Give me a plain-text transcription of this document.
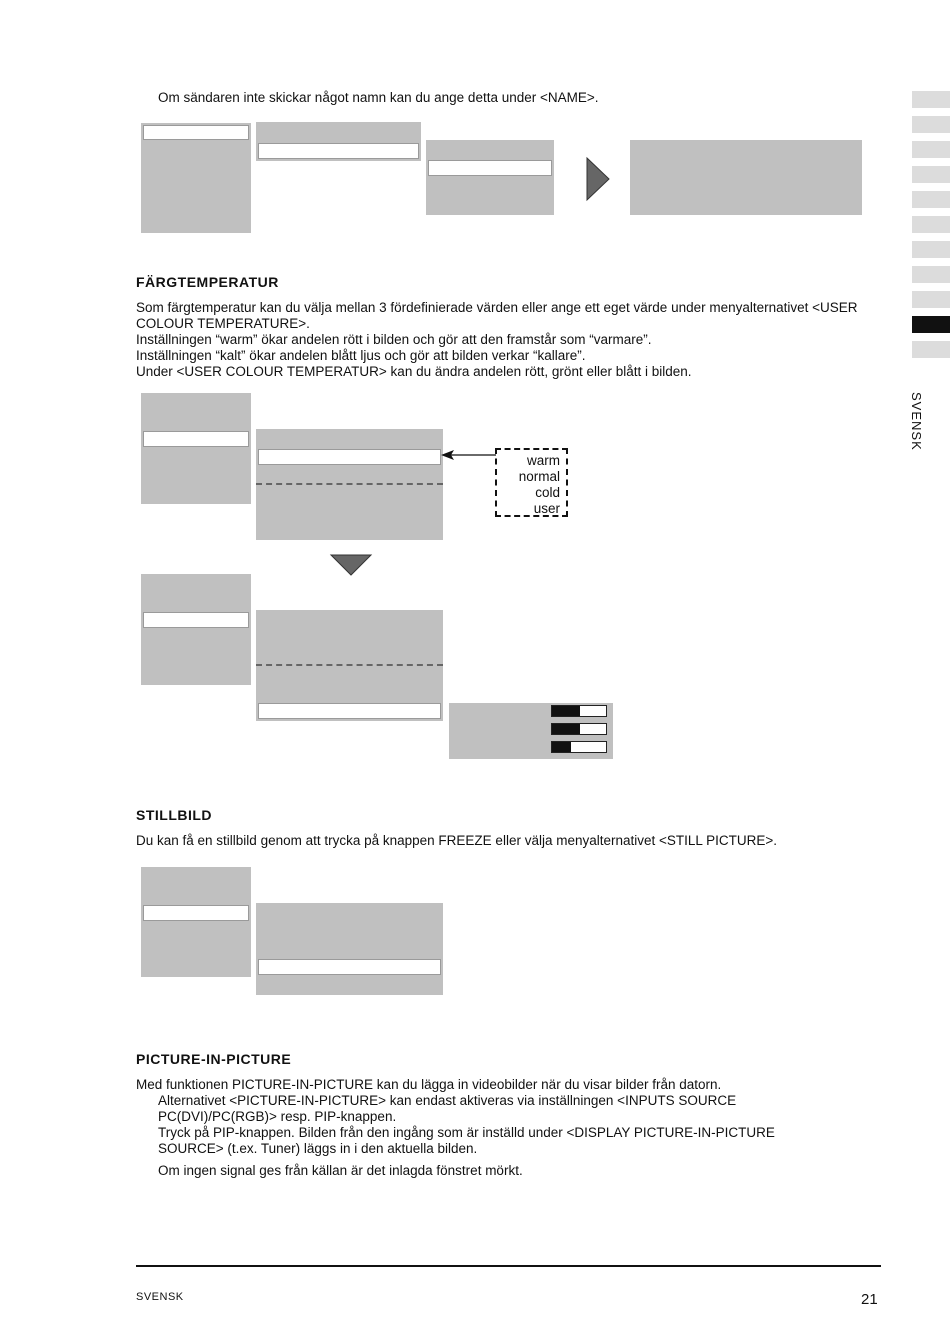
SVENSK
Om sändaren inte skickar något namn kan du ange detta under <NAME>.
FÄRGTEMPERATUR
Som färgtemperatur kan du välja mellan 3 fördefinierade värden eller ange ett eget värde under menyalternativet <USER
COLOUR TEMPERATURE>.
Inställningen “warm” ökar andelen rött i bilden och gör att den framstår som “varmare”.
Inställningen “kalt” ökar andelen blått ljus och gör att bilden verkar “kallare”.
Under <USER COLOUR TEMPERATUR> kan du ändra andelen rött, grönt eller blått i bilden.
warm
normal
cold
user
STILLBILD
Du kan få en stillbild genom att trycka på knappen FREEZE eller välja menyalternativet <STILL PICTURE>.
PICTURE-IN-PICTURE
Med funktionen PICTURE-IN-PICTURE kan du lägga in videobilder när du visar bilder från datorn.
Alternativet <PICTURE-IN-PICTURE> kan endast aktiveras via inställningen <INPUTS SOURCE
PC(DVI)/PC(RGB)> resp. PIP-knappen.
Tryck på PIP-knappen. Bilden från den ingång som är inställd under <DISPLAY PICTURE-IN-PICTURE
SOURCE> (t.ex. Tuner) läggs in i den aktuella bilden.
Om ingen signal ges från källan är det inlagda fönstret mörkt.
SVENSK	21
